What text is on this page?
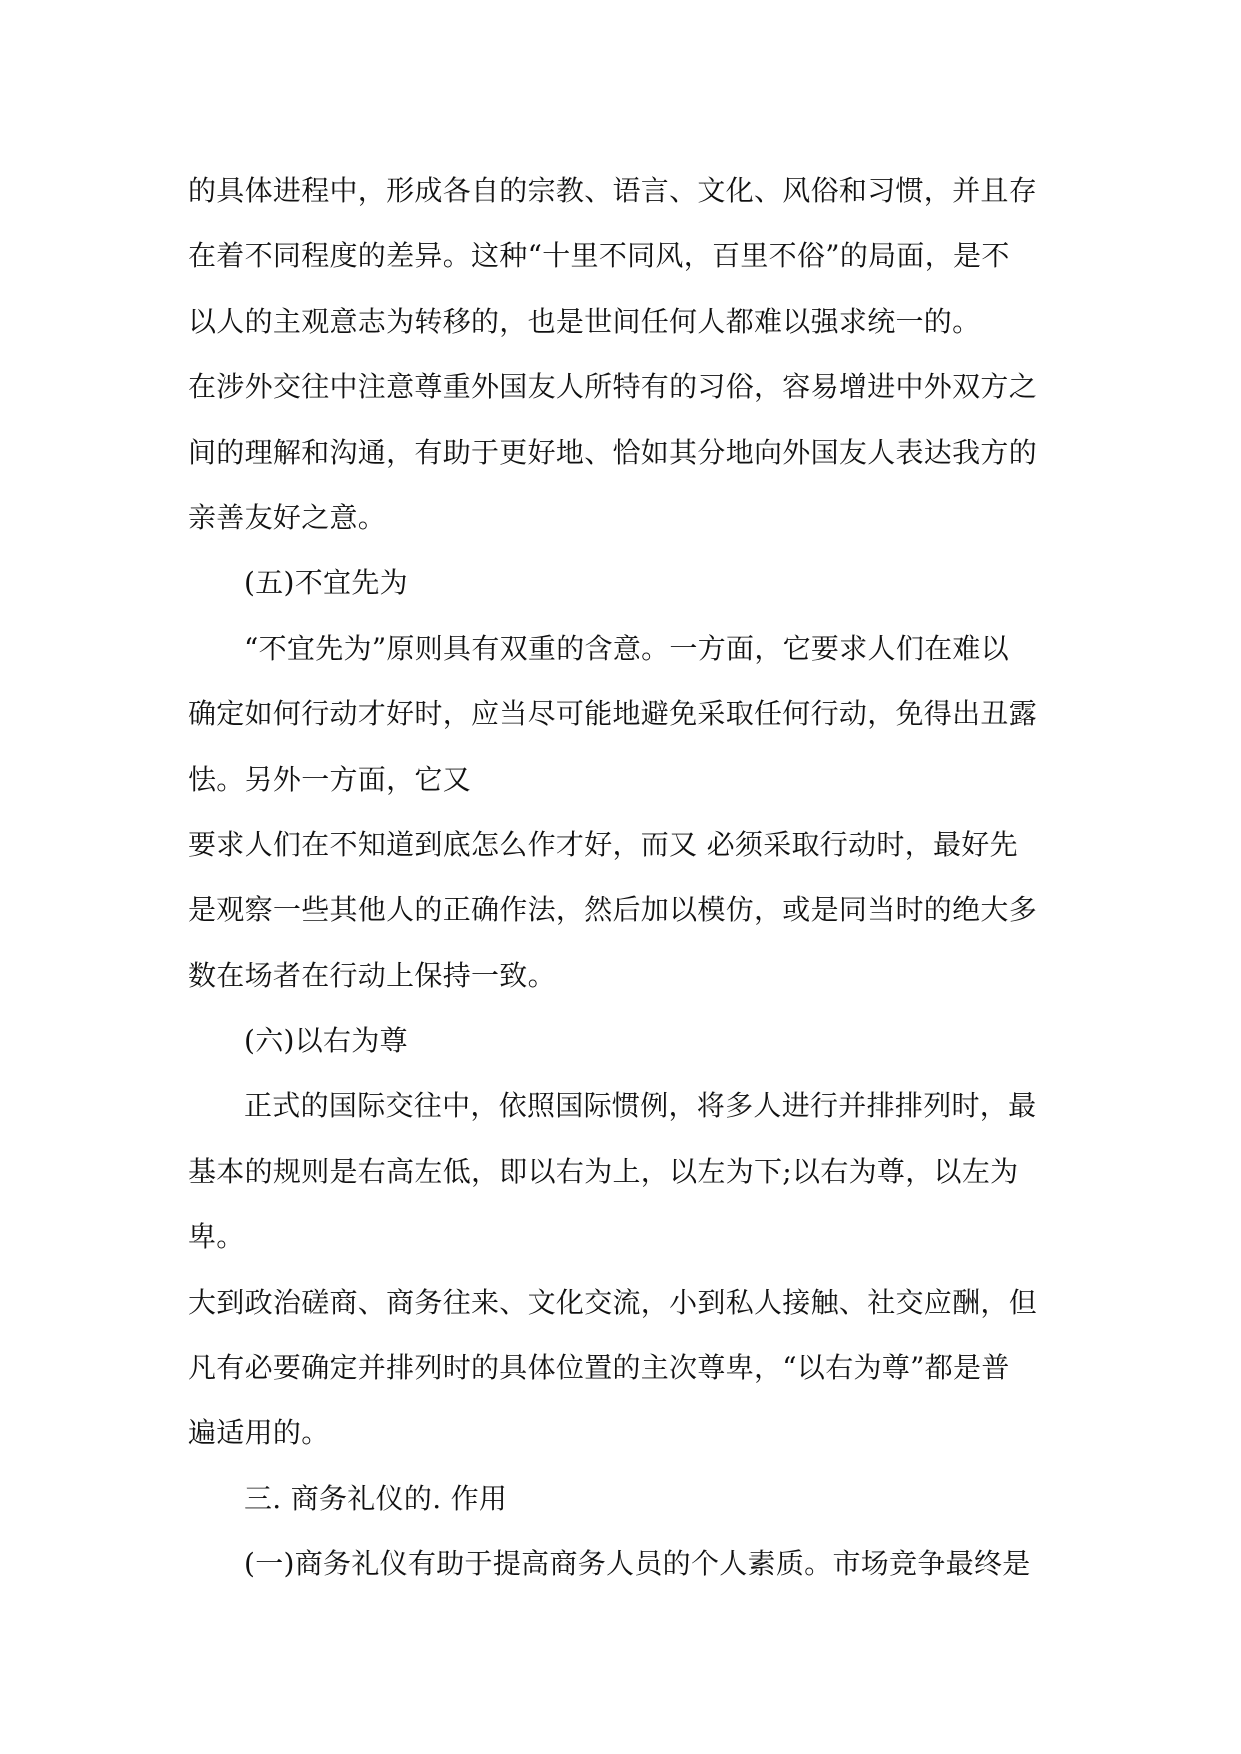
的具体进程中，形成各自的宗教、语言、文化、风俗和习惯，并且存
在着不同程度的差异。这种“十里不同风，百里不俗”的局面，是不
以人的主观意志为转移的，也是世间任何人都难以强求统一的。
在涉外交往中注意尊重外国友人所特有的习俗，容易增进中外双方之
间的理解和沟通，有助于更好地、恰如其分地向外国友人表达我方的
亲善友好之意。
(五)不宜先为
“不宜先为”原则具有双重的含意。一方面，它要求人们在难以
确定如何行动才好时，应当尽可能地避免采取任何行动，免得出丑露
怯。另外一方面，它又
要求人们在不知道到底怎么作才好，而又 必须采取行动时，最好先
是观察一些其他人的正确作法，然后加以模仿，或是同当时的绝大多
数在场者在行动上保持一致。
(六)以右为尊
正式的国际交往中，依照国际惯例，将多人进行并排排列时，最
基本的规则是右高左低，即以右为上，以左为下;以右为尊，以左为
卑。
大到政治磋商、商务往来、文化交流，小到私人接触、社交应酬，但
凡有必要确定并排列时的具体位置的主次尊卑，“以右为尊”都是普
遍适用的。
三. 商务礼仪的. 作用
(一)商务礼仪有助于提高商务人员的个人素质。市场竞争最终是
